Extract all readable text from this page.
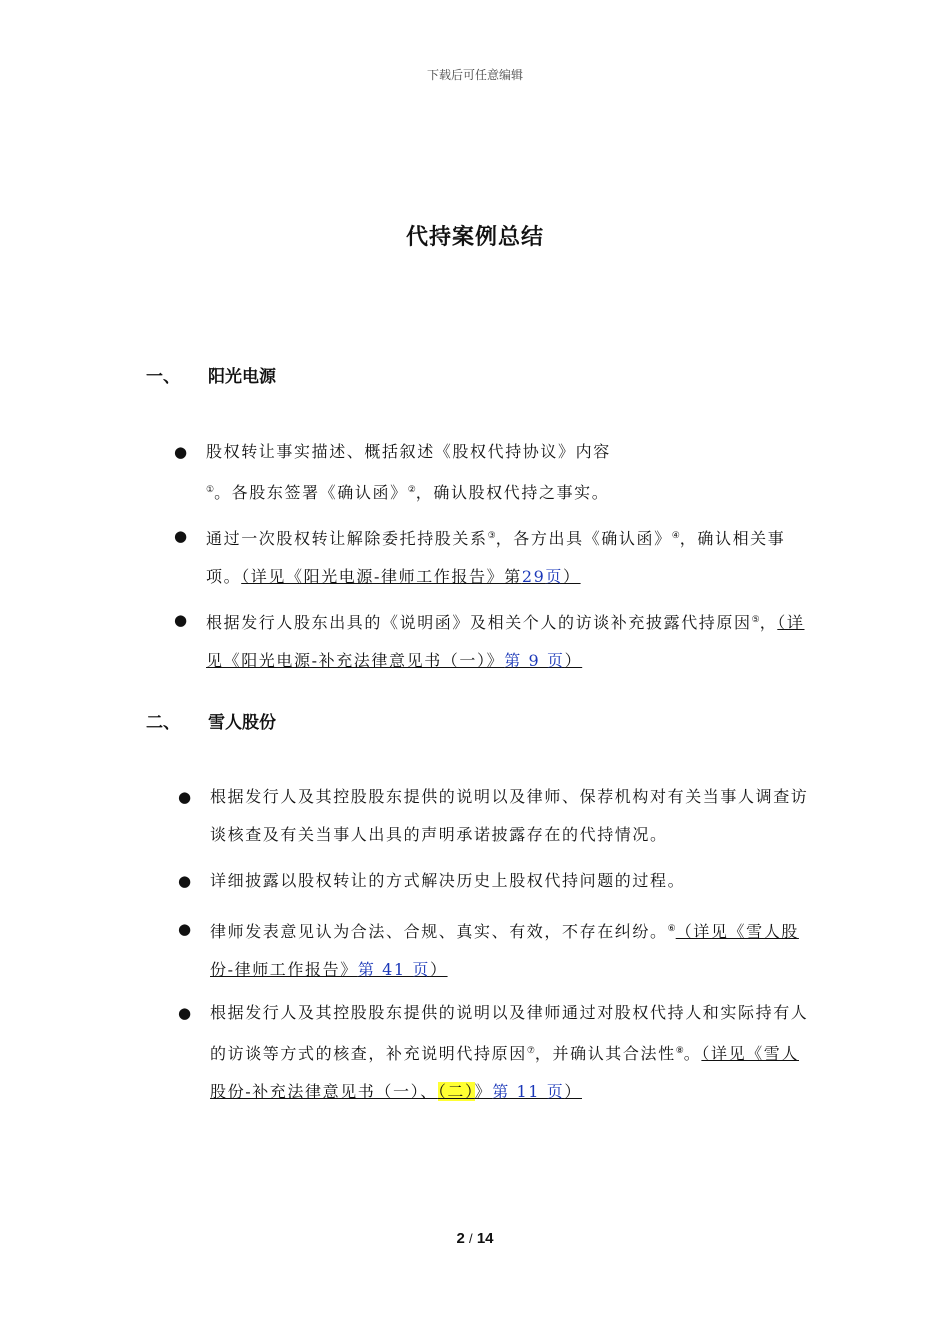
下载后可任意编辑
代持案例总结
一、 阳光电源
● 股权转让事实描述、概括叙述《股权代持协议》内容①。各股东签署《确认函》②，确认股权代持之事实。
● 通过一次股权转让解除委托持股关系③，各方出具《确认函》④，确认相关事项。（详见《阳光电源-律师工作报告》第29页）
● 根据发行人股东出具的《说明函》及相关个人的访谈补充披露代持原因⑤，（详见《阳光电源-补充法律意见书（一）》第 9 页）
二、 雪人股份
● 根据发行人及其控股股东提供的说明以及律师、保荐机构对有关当事人调查访谈核查及有关当事人出具的声明承诺披露存在的代持情况。
● 详细披露以股权转让的方式解决历史上股权代持问题的过程。
● 律师发表意见认为合法、合规、真实、有效，不存在纠纷。⑥（详见《雪人股份-律师工作报告》第 41 页）
● 根据发行人及其控股股东提供的说明以及律师通过对股权代持人和实际持有人的访谈等方式的核查，补充说明代持原因⑦，并确认其合法性⑧。（详见《雪人股份-补充法律意见书（一）、（二）》第 11 页）
2 / 14
